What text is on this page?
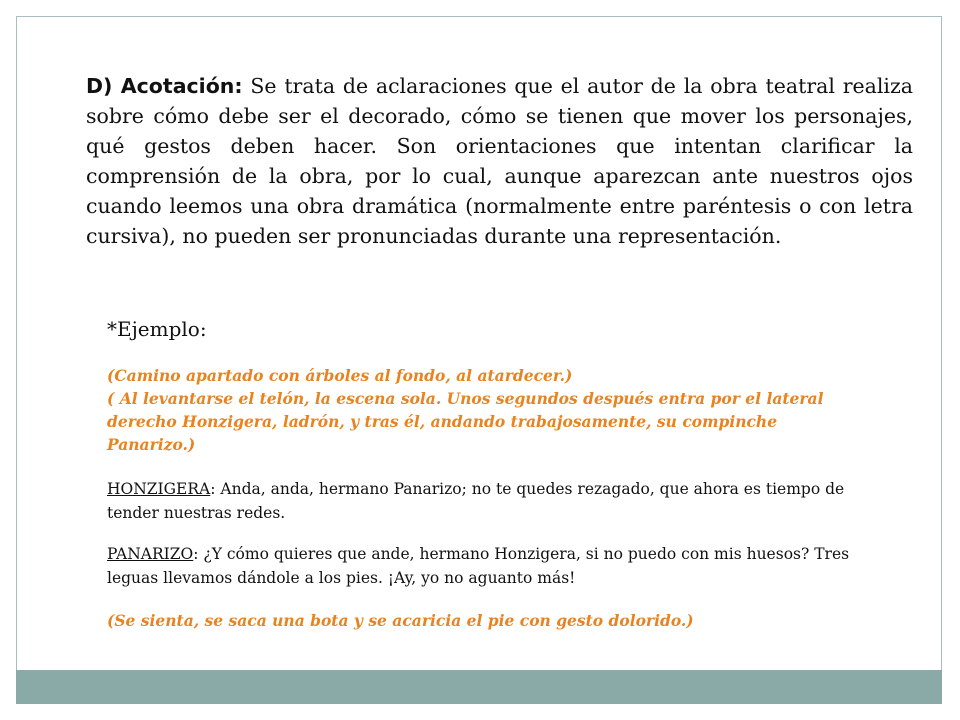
D) Acotación: Se trata de aclaraciones que el autor de la obra teatral realiza sobre cómo debe ser el decorado, cómo se tienen que mover los personajes, qué gestos deben hacer. Son orientaciones que intentan clarificar la comprensión de la obra, por lo cual, aunque aparezcan ante nuestros ojos cuando leemos una obra dramática (normalmente entre paréntesis o con letra cursiva), no pueden ser pronunciadas durante una representación.

*Ejemplo:

(Camino apartado con árboles al fondo, al atardecer.)

( Al levantarse el telón, la escena sola. Unos segundos después entra por el lateral derecho Honzigera, ladrón, y tras él, andando trabajosamente, su compinche Panarizo.)

HONZIGERA: Anda, anda, hermano Panarizo; no te quedes rezagado, que ahora es tiempo de tender nuestras redes.

PANARIZO: ¿Y cómo quieres que ande, hermano Honzigera, si no puedo con mis huesos? Tres leguas llevamos dándole a los pies. ¡Ay, yo no aguanto más!

(Se sienta, se saca una bota y se acaricia el pie con gesto dolorido.)
